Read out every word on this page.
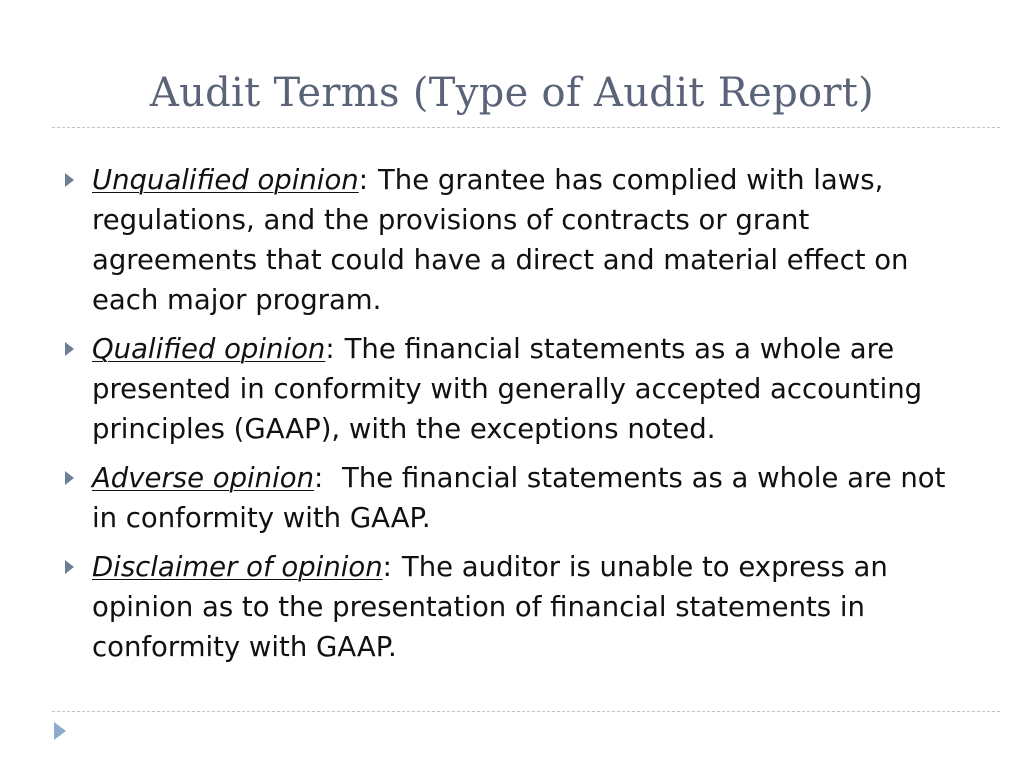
Audit Terms (Type of Audit Report)
Unqualified opinion: The grantee has complied with laws, regulations, and the provisions of contracts or grant agreements that could have a direct and material effect on each major program.
Qualified opinion: The financial statements as a whole are presented in conformity with generally accepted accounting principles (GAAP), with the exceptions noted.
Adverse opinion: The financial statements as a whole are not in conformity with GAAP.
Disclaimer of opinion: The auditor is unable to express an opinion as to the presentation of financial statements in conformity with GAAP.
